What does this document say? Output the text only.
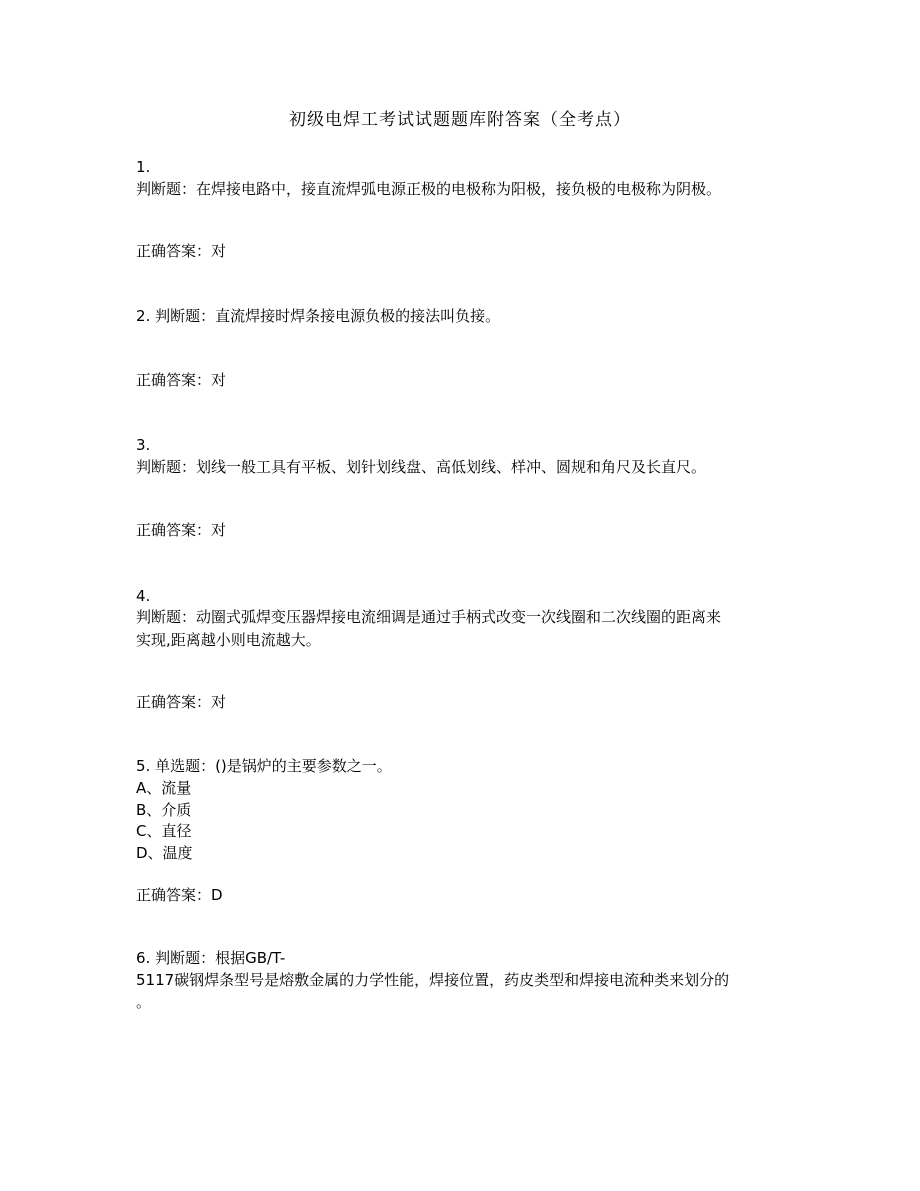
初级电焊工考试试题题库附答案（全考点）
1.
判断题：在焊接电路中，接直流焊弧电源正极的电极称为阳极，接负极的电极称为阴极。
正确答案：对
2. 判断题：直流焊接时焊条接电源负极的接法叫负接。
正确答案：对
3.
判断题：划线一般工具有平板、划针划线盘、高低划线、样冲、圆规和角尺及长直尺。
正确答案：对
4.
判断题：动圈式弧焊变压器焊接电流细调是通过手柄式改变一次线圈和二次线圈的距离来
实现,距离越小则电流越大。
正确答案：对
5. 单选题：()是锅炉的主要参数之一。
A、流量
B、介质
C、直径
D、温度
正确答案：D
6. 判断题：根据GB/T-
5117碳钢焊条型号是熔敷金属的力学性能，焊接位置，药皮类型和焊接电流种类来划分的
。
